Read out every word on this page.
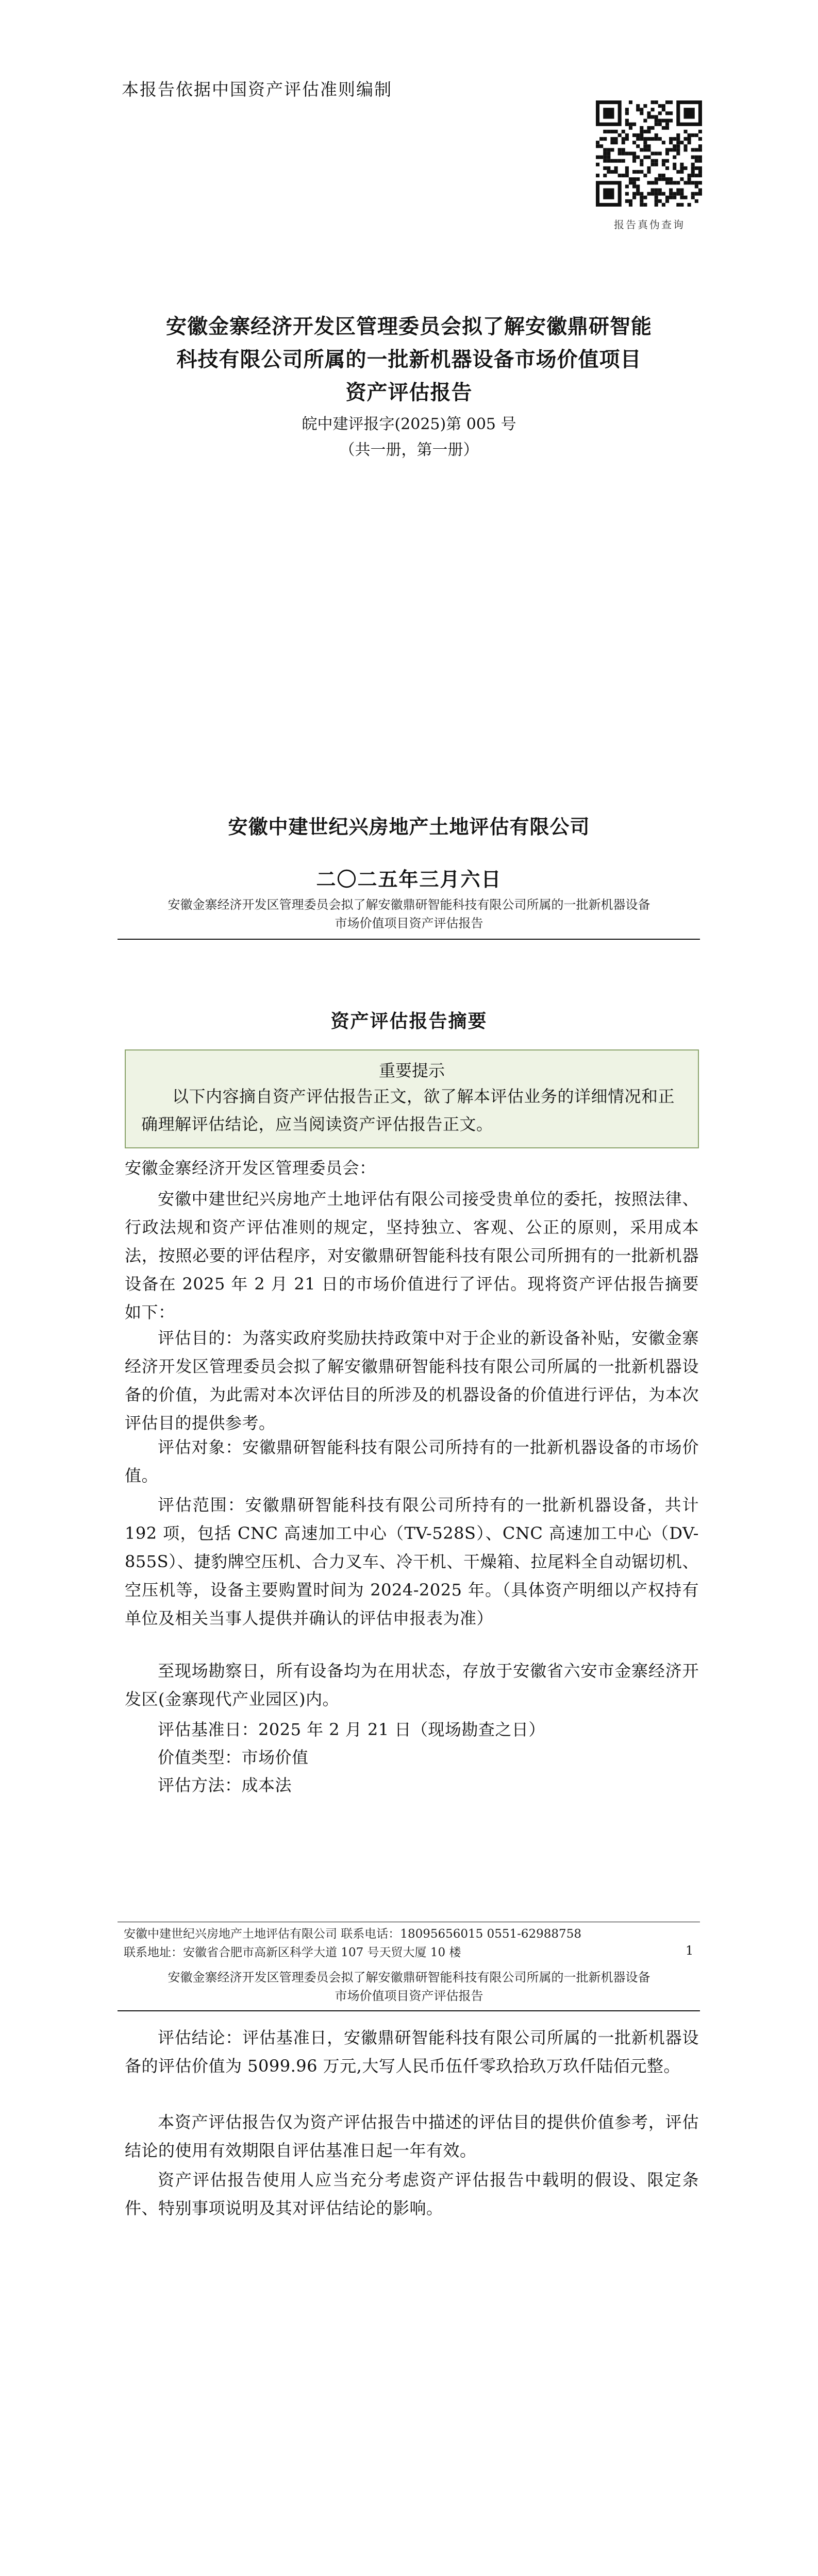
本报告依据中国资产评估准则编制
报告真伪查询
安徽金寨经济开发区管理委员会拟了解安徽鼎研智能
科技有限公司所属的一批新机器设备市场价值项目
资产评估报告
皖中建评报字(2025)第 005 号
（共一册，第一册）
安徽中建世纪兴房地产土地评估有限公司
二〇二五年三月六日
安徽金寨经济开发区管理委员会拟了解安徽鼎研智能科技有限公司所属的一批新机器设备
市场价值项目资产评估报告
资产评估报告摘要
重要提示
以下内容摘自资产评估报告正文，欲了解本评估业务的详细情况和正确理解评估结论，应当阅读资产评估报告正文。
安徽金寨经济开发区管理委员会：
安徽中建世纪兴房地产土地评估有限公司接受贵单位的委托，按照法律、行政法规和资产评估准则的规定，坚持独立、客观、公正的原则，采用成本法，按照必要的评估程序，对安徽鼎研智能科技有限公司所拥有的一批新机器设备在 2025 年 2 月 21 日的市场价值进行了评估。现将资产评估报告摘要如下：
评估目的：为落实政府奖励扶持政策中对于企业的新设备补贴，安徽金寨经济开发区管理委员会拟了解安徽鼎研智能科技有限公司所属的一批新机器设备的价值，为此需对本次评估目的所涉及的机器设备的价值进行评估，为本次评估目的提供参考。
评估对象：安徽鼎研智能科技有限公司所持有的一批新机器设备的市场价值。
评估范围：安徽鼎研智能科技有限公司所持有的一批新机器设备，共计 192 项，包括 CNC 高速加工中心（TV-528S）、CNC 高速加工中心（DV-855S）、捷豹牌空压机、合力叉车、冷干机、干燥箱、拉尾料全自动锯切机、空压机等，设备主要购置时间为 2024-2025 年。（具体资产明细以产权持有单位及相关当事人提供并确认的评估申报表为准）
至现场勘察日，所有设备均为在用状态，存放于安徽省六安市金寨经济开发区(金寨现代产业园区)内。
评估基准日：2025 年 2 月 21 日（现场勘查之日）
价值类型：市场价值
评估方法：成本法
安徽中建世纪兴房地产土地评估有限公司 联系电话：18095656015 0551-62988758
联系地址：安徽省合肥市高新区科学大道 107 号天贸大厦 10 楼	1
安徽金寨经济开发区管理委员会拟了解安徽鼎研智能科技有限公司所属的一批新机器设备
市场价值项目资产评估报告
评估结论：评估基准日，安徽鼎研智能科技有限公司所属的一批新机器设备的评估价值为 5099.96 万元,大写人民币伍仟零玖拾玖万玖仟陆佰元整。
本资产评估报告仅为资产评估报告中描述的评估目的提供价值参考，评估结论的使用有效期限自评估基准日起一年有效。
资产评估报告使用人应当充分考虑资产评估报告中载明的假设、限定条件、特别事项说明及其对评估结论的影响。
